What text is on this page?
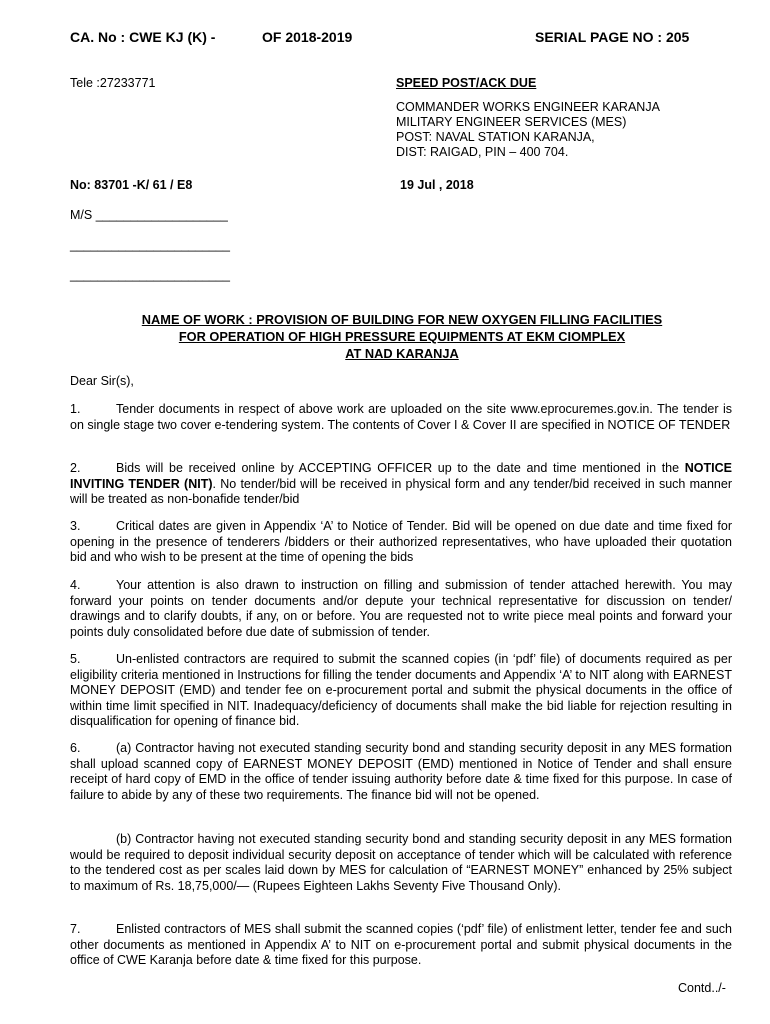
CA. No : CWE KJ (K) -	OF 2018-2019	SERIAL PAGE NO : 205
Tele :27233771	SPEED POST/ACK DUE
COMMANDER WORKS ENGINEER KARANJA
MILITARY ENGINEER SERVICES (MES)
POST: NAVAL STATION KARANJA,
DIST: RAIGAD, PIN – 400 704.
No: 83701 -K/ 61 / E8	19 Jul , 2018
M/S ___________________
_______________________
_______________________
NAME OF WORK : PROVISION OF BUILDING FOR NEW OXYGEN FILLING FACILITIES
FOR OPERATION OF HIGH PRESSURE EQUIPMENTS AT EKM CIOMPLEX
AT NAD KARANJA
Dear Sir(s),
1.	Tender documents in respect of above work are uploaded on the site www.eprocuremes.gov.in. The tender is on single stage two cover e-tendering system. The contents of Cover I & Cover II are specified in NOTICE OF TENDER
2.	Bids will be received online by ACCEPTING OFFICER up to the date and time mentioned in the NOTICE INVITING TENDER (NIT). No tender/bid will be received in physical form and any tender/bid received in such manner will be treated as non-bonafide tender/bid
3.	Critical dates are given in Appendix ‘A’ to Notice of Tender. Bid will be opened on due date and time fixed for opening in the presence of tenderers /bidders or their authorized representatives, who have uploaded their quotation bid and who wish to be present at the time of opening the bids
4.	Your attention is also drawn to instruction on filling and submission of tender attached herewith. You may forward your points on tender documents and/or depute your technical representative for discussion on tender/ drawings and to clarify doubts, if any, on or before. You are requested not to write piece meal points and forward your points duly consolidated before due date of submission of tender.
5.	Un-enlisted contractors are required to submit the scanned copies (in ‘pdf’ file) of documents required as per eligibility criteria mentioned in Instructions for filling the tender documents and Appendix ‘A’ to NIT along with EARNEST MONEY DEPOSIT (EMD) and tender fee on e-procurement portal and submit the physical documents in the office of within time limit specified in NIT. Inadequacy/deficiency of documents shall make the bid liable for rejection resulting in disqualification for opening of finance bid.
6.	(a) Contractor having not executed standing security bond and standing security deposit in any MES formation shall upload scanned copy of EARNEST MONEY DEPOSIT (EMD) mentioned in Notice of Tender and shall ensure receipt of hard copy of EMD in the office of tender issuing authority before date & time fixed for this purpose. In case of failure to abide by any of these two requirements. The finance bid will not be opened.
(b) Contractor having not executed standing security bond and standing security deposit in any MES formation would be required to deposit individual security deposit on acceptance of tender which will be calculated with reference to the tendered cost as per scales laid down by MES for calculation of “EARNEST MONEY” enhanced by 25% subject to maximum of Rs. 18,75,000/— (Rupees Eighteen Lakhs Seventy Five Thousand Only).
7.	Enlisted contractors of MES shall submit the scanned copies (‘pdf’ file) of enlistment letter, tender fee and such other documents as mentioned in Appendix A’ to NIT on e-procurement portal and submit physical documents in the office of CWE Karanja before date & time fixed for this purpose.
Contd../-
